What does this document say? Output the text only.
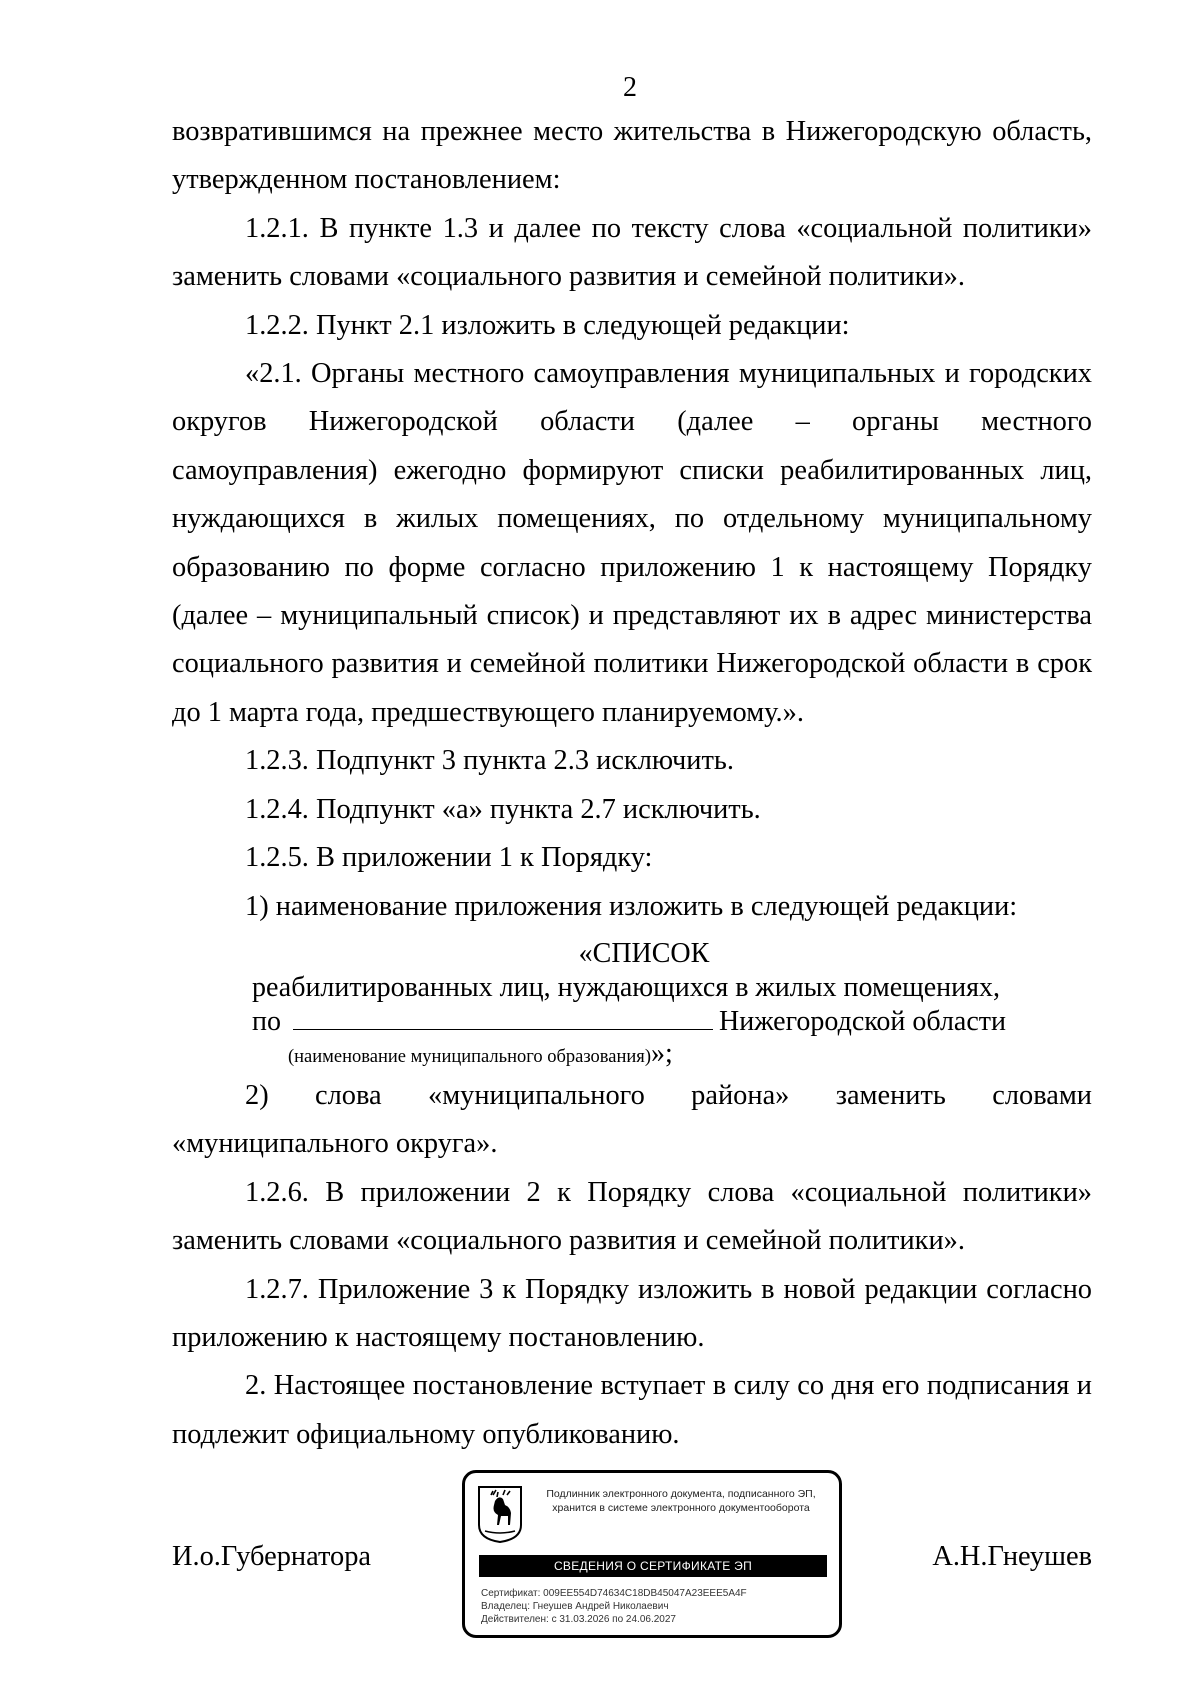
2

возвратившимся на прежнее место жительства в Нижегородскую область, утвержденном постановлением:

1.2.1. В пункте 1.3 и далее по тексту слова «социальной политики» заменить словами «социального развития и семейной политики».

1.2.2. Пункт 2.1 изложить в следующей редакции:

«2.1. Органы местного самоуправления муниципальных и городских округов Нижегородской области (далее – органы местного самоуправления) ежегодно формируют списки реабилитированных лиц, нуждающихся в жилых помещениях, по отдельному муниципальному образованию по форме согласно приложению 1 к настоящему Порядку (далее – муниципальный список) и представляют их в адрес министерства социального развития и семейной политики Нижегородской области в срок до 1 марта года, предшествующего планируемому.».

1.2.3. Подпункт 3 пункта 2.3 исключить.

1.2.4. Подпункт «а» пункта 2.7 исключить.

1.2.5. В приложении 1 к Порядку:

1) наименование приложения изложить в следующей редакции:

«СПИСОК
реабилитированных лиц, нуждающихся в жилых помещениях,
по	Нижегородской области
(наименование муниципального образования)»;

2) слова «муниципального района» заменить словами «муниципального округа».

1.2.6. В приложении 2 к Порядку слова «социальной политики» заменить словами «социального развития и семейной политики».

1.2.7. Приложение 3 к Порядку изложить в новой редакции согласно приложению к настоящему постановлению.

2. Настоящее постановление вступает в силу со дня его подписания и подлежит официальному опубликованию.

И.о.Губернатора	А.Н.Гнеушев
Подлинник электронного документа, подписанного ЭП, хранится в системе электронного документооборота
СВЕДЕНИЯ О СЕРТИФИКАТЕ ЭП
Сертификат: 009EE554D74634C18DB45047A23EEE5A4F
Владелец: Гнеушев Андрей Николаевич
Действителен: с 31.03.2026 по 24.06.2027
